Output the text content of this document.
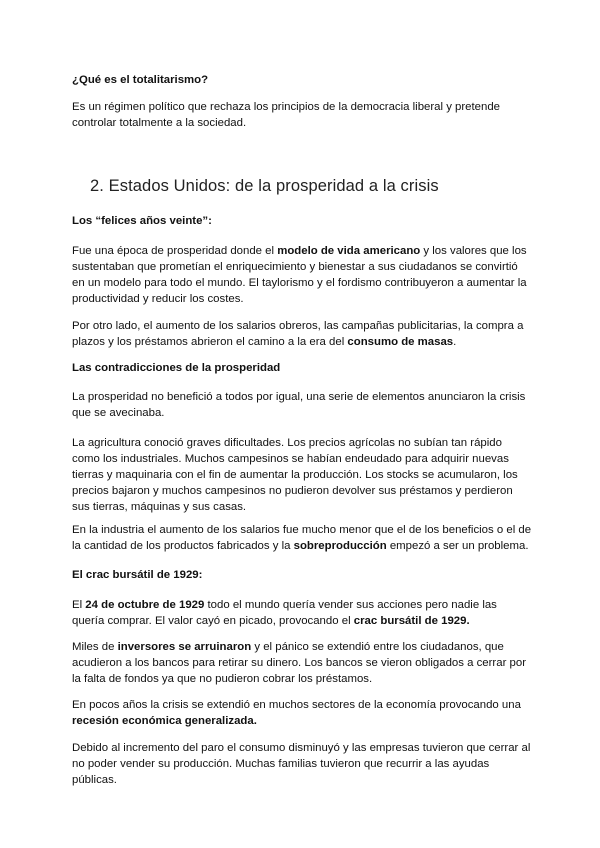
¿Qué es el totalitarismo?

Es un régimen político que rechaza los principios de la democracia liberal y pretende controlar totalmente a la sociedad.

2. Estados Unidos: de la prosperidad a la crisis

Los “felices años veinte”:

Fue una época de prosperidad donde el modelo de vida americano y los valores que los sustentaban que prometían el enriquecimiento y bienestar a sus ciudadanos se convirtió en un modelo para todo el mundo. El taylorismo y el fordismo contribuyeron a aumentar la productividad y reducir los costes.

Por otro lado, el aumento de los salarios obreros, las campañas publicitarias, la compra a plazos y los préstamos abrieron el camino a la era del consumo de masas.

Las contradicciones de la prosperidad

La prosperidad no benefició a todos por igual, una serie de elementos anunciaron la crisis que se avecinaba.

La agricultura conoció graves dificultades. Los precios agrícolas no subían tan rápido como los industriales. Muchos campesinos se habían endeudado para adquirir nuevas tierras y maquinaria con el fin de aumentar la producción. Los stocks se acumularon, los precios bajaron y muchos campesinos no pudieron devolver sus préstamos y perdieron sus tierras, máquinas y sus casas.

En la industria el aumento de los salarios fue mucho menor que el de los beneficios o el de la cantidad de los productos fabricados y la sobreproducción empezó a ser un problema.

El crac bursátil de 1929:

El 24 de octubre de 1929 todo el mundo quería vender sus acciones pero nadie las quería comprar. El valor cayó en picado, provocando el crac bursátil de 1929.

Miles de inversores se arruinaron y el pánico se extendió entre los ciudadanos, que acudieron a los bancos para retirar su dinero. Los bancos se vieron obligados a cerrar por la falta de fondos ya que no pudieron cobrar los préstamos.

En pocos años la crisis se extendió en muchos sectores de la economía provocando una recesión económica generalizada.

Debido al incremento del paro el consumo disminuyó y las empresas tuvieron que cerrar al no poder vender su producción. Muchas familias tuvieron que recurrir a las ayudas públicas.
